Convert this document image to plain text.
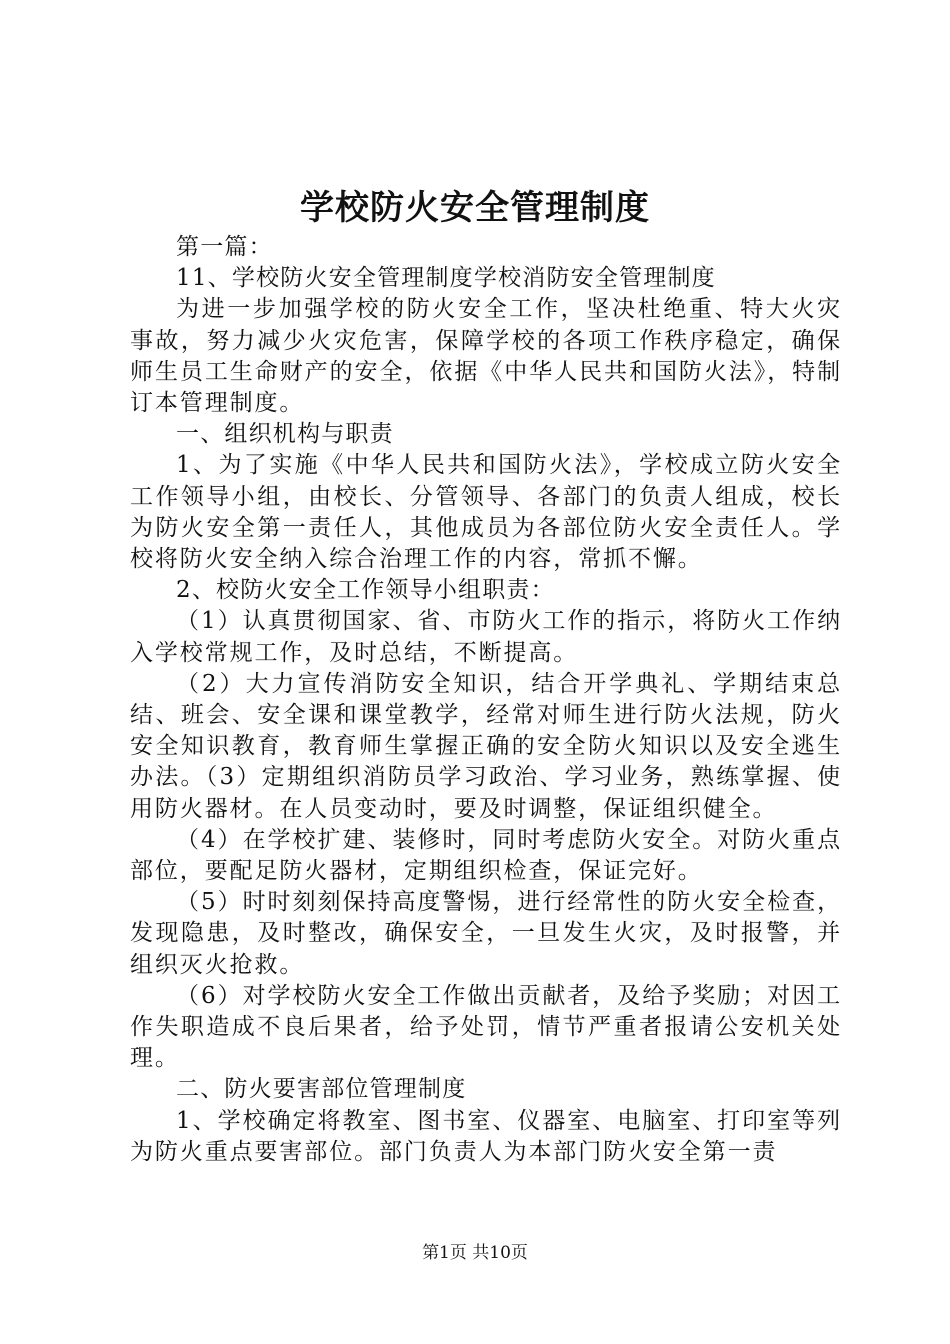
学校防火安全管理制度

第一篇：

11、学校防火安全管理制度学校消防安全管理制度

为进一步加强学校的防火安全工作，坚决杜绝重、特大火灾事故，努力减少火灾危害，保障学校的各项工作秩序稳定，确保师生员工生命财产的安全，依据《中华人民共和国防火法》，特制订本管理制度。

一、组织机构与职责

1、为了实施《中华人民共和国防火法》，学校成立防火安全工作领导小组，由校长、分管领导、各部门的负责人组成，校长为防火安全第一责任人，其他成员为各部位防火安全责任人。学校将防火安全纳入综合治理工作的内容，常抓不懈。

2、校防火安全工作领导小组职责：

（1）认真贯彻国家、省、市防火工作的指示，将防火工作纳入学校常规工作，及时总结，不断提高。

（2）大力宣传消防安全知识，结合开学典礼、学期结束总结、班会、安全课和课堂教学，经常对师生进行防火法规，防火安全知识教育，教育师生掌握正确的安全防火知识以及安全逃生办法。（3）定期组织消防员学习政治、学习业务，熟练掌握、使用防火器材。在人员变动时，要及时调整，保证组织健全。

（4）在学校扩建、装修时，同时考虑防火安全。对防火重点部位，要配足防火器材，定期组织检查，保证完好。

（5）时时刻刻保持高度警惕，进行经常性的防火安全检查，发现隐患，及时整改，确保安全，一旦发生火灾，及时报警，并组织灭火抢救。

（6）对学校防火安全工作做出贡献者，及给予奖励；对因工作失职造成不良后果者，给予处罚，情节严重者报请公安机关处理。

二、防火要害部位管理制度

1、学校确定将教室、图书室、仪器室、电脑室、打印室等列为防火重点要害部位。部门负责人为本部门防火安全第一责

第1页 共10页
